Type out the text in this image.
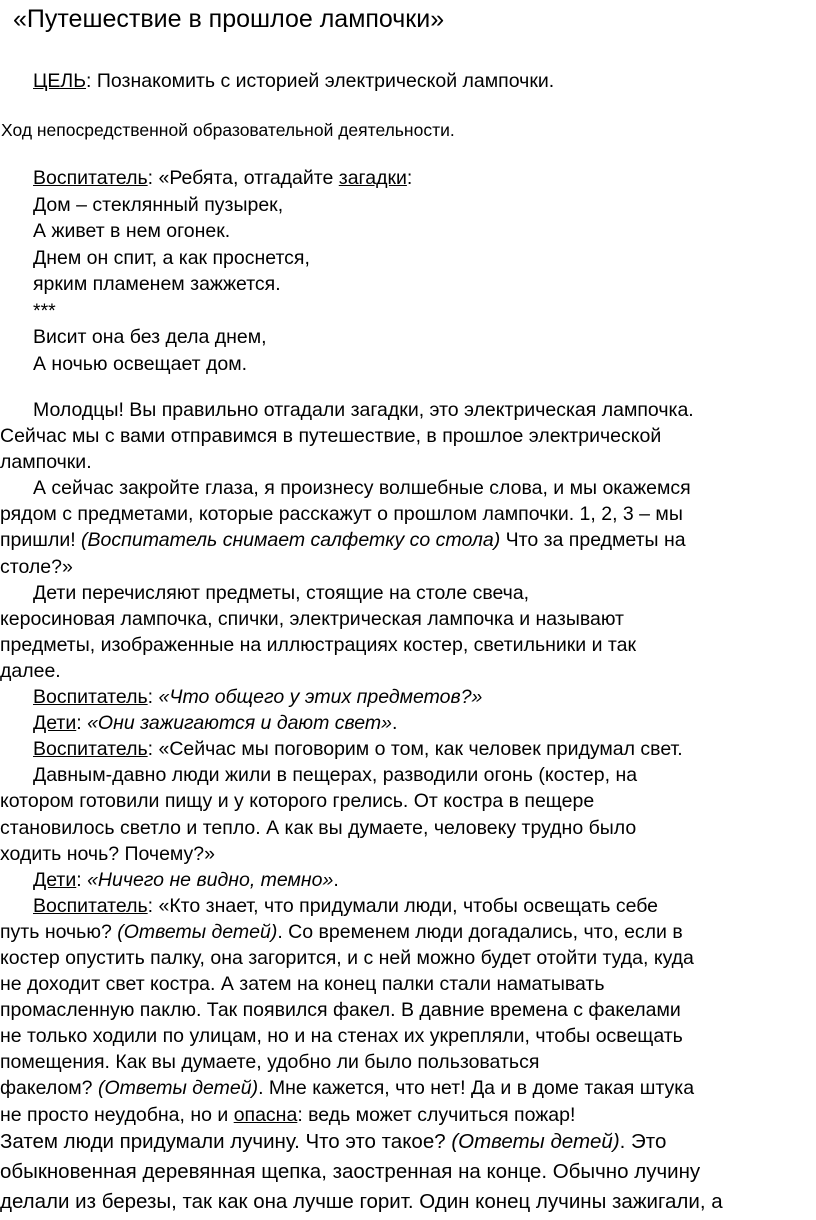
«Путешествие в прошлое лампочки»
ЦЕЛЬ: Познакомить с историей электрической лампочки.
Ход непосредственной образовательной деятельности.
Воспитатель: «Ребята, отгадайте загадки:
Дом – стеклянный пузырек,
А живет в нем огонек.
Днем он спит, а как проснется,
ярким пламенем зажжется.
***
Висит она без дела днем,
А ночью освещает дом.
Молодцы! Вы правильно отгадали загадки, это электрическая лампочка.
Сейчас мы с вами отправимся в путешествие, в прошлое электрической
лампочки.
А сейчас закройте глаза, я произнесу волшебные слова, и мы окажемся
рядом с предметами, которые расскажут о прошлом лампочки. 1, 2, 3 – мы
пришли! (Воспитатель снимает салфетку со стола) Что за предметы на
столе?»
Дети перечисляют предметы, стоящие на столе свеча,
керосиновая лампочка, спички, электрическая лампочка и называют
предметы, изображенные на иллюстрациях костер, светильники и так
далее.
Воспитатель: «Что общего у этих предметов?»
Дети: «Они зажигаются и дают свет».
Воспитатель: «Сейчас мы поговорим о том, как человек придумал свет.
Давным-давно люди жили в пещерах, разводили огонь (костер, на
котором готовили пищу и у которого грелись. От костра в пещере
становилось светло и тепло. А как вы думаете, человеку трудно было
ходить ночь? Почему?»
Дети: «Ничего не видно, темно».
Воспитатель: «Кто знает, что придумали люди, чтобы освещать себе
путь ночью? (Ответы детей). Со временем люди догадались, что, если в
костер опустить палку, она загорится, и с ней можно будет отойти туда, куда
не доходит свет костра. А затем на конец палки стали наматывать
промасленную паклю. Так появился факел. В давние времена с факелами
не только ходили по улицам, но и на стенах их укрепляли, чтобы освещать
помещения. Как вы думаете, удобно ли было пользоваться
факелом? (Ответы детей). Мне кажется, что нет! Да и в доме такая штука
не просто неудобна, но и опасна: ведь может случиться пожар!
Затем люди придумали лучину. Что это такое? (Ответы детей). Это
обыкновенная деревянная щепка, заостренная на конце. Обычно лучину
делали из березы, так как она лучше горит. Один конец лучины зажигали, а
